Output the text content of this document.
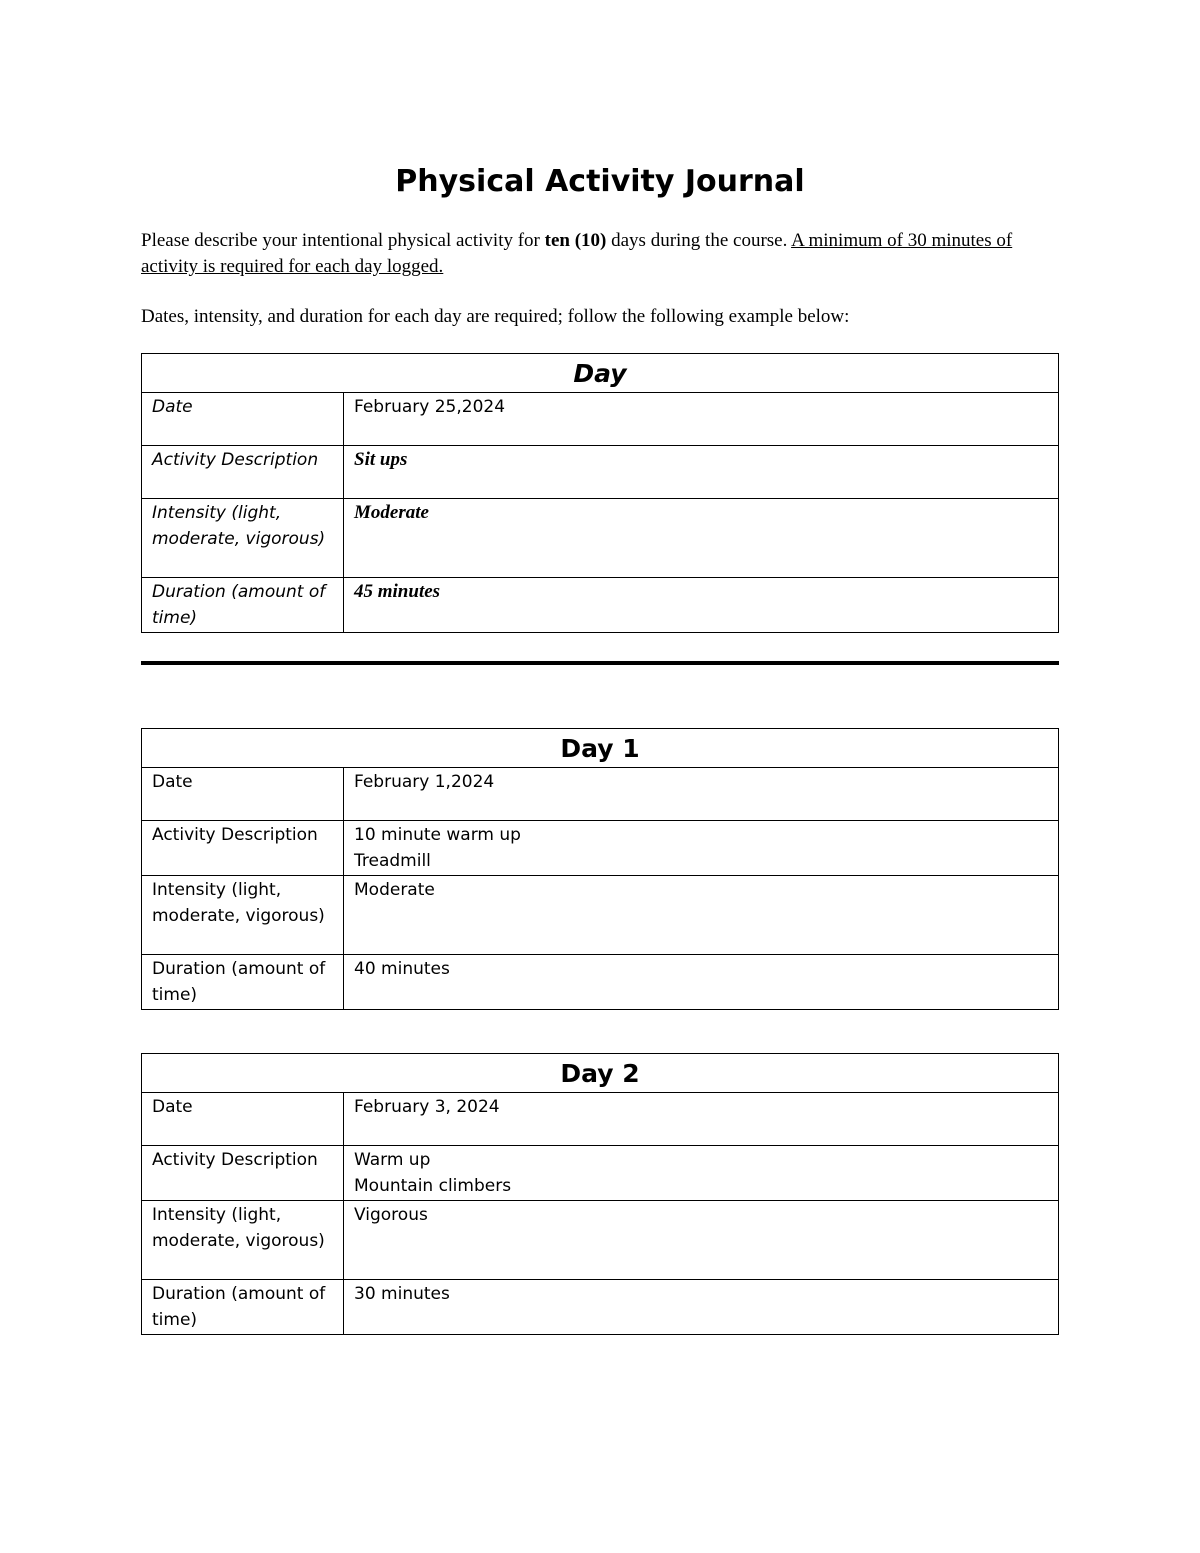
Physical Activity Journal

Please describe your intentional physical activity for ten (10) days during the course. A minimum of 30 minutes of activity is required for each day logged.

Dates, intensity, and duration for each day are required; follow the following example below:

Day	
Date	February 25,2024
Activity Description	Sit ups
Intensity (light, moderate, vigorous)	Moderate
Duration (amount of time)	45 minutes
Day 1	
Date	February 1,2024
Activity Description	10 minute warm up
Treadmill

Intensity (light, moderate, vigorous)	Moderate
Duration (amount of time)	40 minutes
Day 2	
Date	February 3, 2024
Activity Description	Warm up
Mountain climbers

Intensity (light, moderate, vigorous)	Vigorous
Duration (amount of time)	30 minutes
